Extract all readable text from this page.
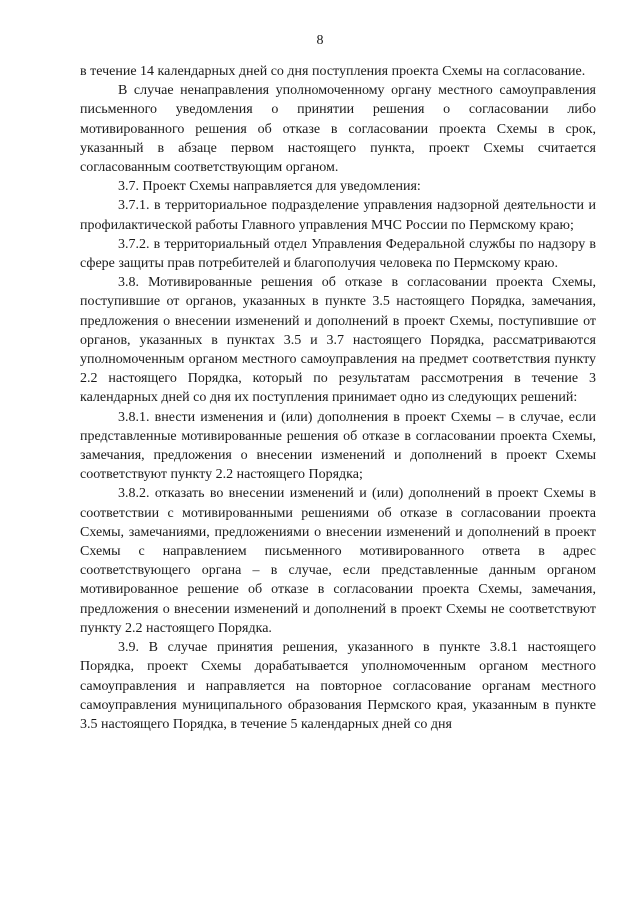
8

в течение 14 календарных дней со дня поступления проекта Схемы на согласование.

В случае ненаправления уполномоченному органу местного самоуправления письменного уведомления о принятии решения о согласовании либо мотивированного решения об отказе в согласовании проекта Схемы в срок, указанный в абзаце первом настоящего пункта, проект Схемы считается согласованным соответствующим органом.

3.7. Проект Схемы направляется для уведомления:

3.7.1. в территориальное подразделение управления надзорной деятельности и профилактической работы Главного управления МЧС России по Пермскому краю;

3.7.2. в территориальный отдел Управления Федеральной службы по надзору в сфере защиты прав потребителей и благополучия человека по Пермскому краю.

3.8. Мотивированные решения об отказе в согласовании проекта Схемы, поступившие от органов, указанных в пункте 3.5 настоящего Порядка, замечания, предложения о внесении изменений и дополнений в проект Схемы, поступившие от органов, указанных в пунктах 3.5 и 3.7 настоящего Порядка, рассматриваются уполномоченным органом местного самоуправления на предмет соответствия пункту 2.2 настоящего Порядка, который по результатам рассмотрения в течение 3 календарных дней со дня их поступления принимает одно из следующих решений:

3.8.1. внести изменения и (или) дополнения в проект Схемы – в случае, если представленные мотивированные решения об отказе в согласовании проекта Схемы, замечания, предложения о внесении изменений и дополнений в проект Схемы соответствуют пункту 2.2 настоящего Порядка;

3.8.2. отказать во внесении изменений и (или) дополнений в проект Схемы в соответствии с мотивированными решениями об отказе в согласовании проекта Схемы, замечаниями, предложениями о внесении изменений и дополнений в проект Схемы с направлением письменного мотивированного ответа в адрес соответствующего органа – в случае, если представленные данным органом мотивированное решение об отказе в согласовании проекта Схемы, замечания, предложения о внесении изменений и дополнений в проект Схемы не соответствуют пункту 2.2 настоящего Порядка.

3.9. В случае принятия решения, указанного в пункте 3.8.1 настоящего Порядка, проект Схемы дорабатывается уполномоченным органом местного самоуправления и направляется на повторное согласование органам местного самоуправления муниципального образования Пермского края, указанным в пункте 3.5 настоящего Порядка, в течение 5 календарных дней со дня
